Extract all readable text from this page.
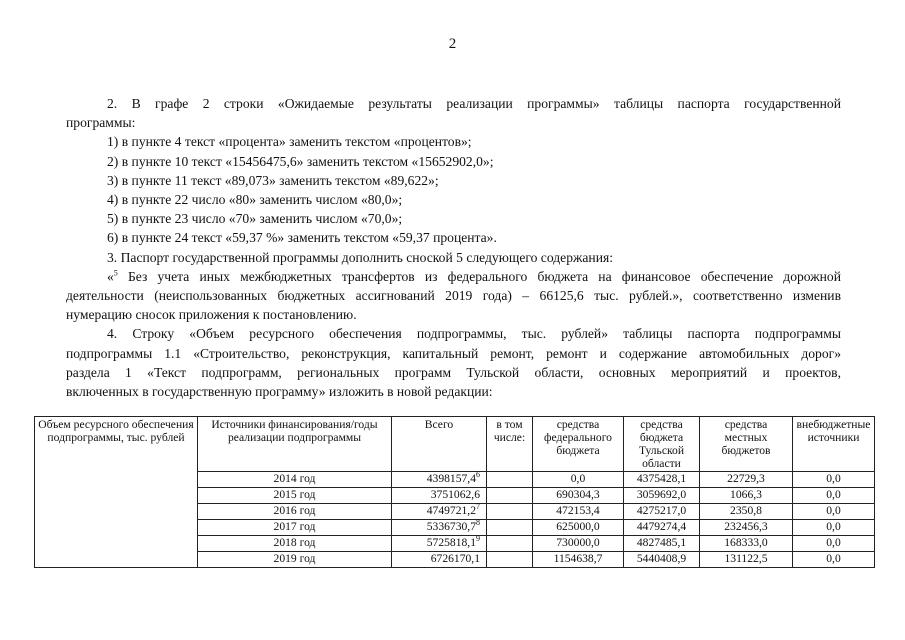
2

2. В графе 2 строки «Ожидаемые результаты реализации программы» таблицы паспорта государственной

программы:

1) в пункте 4 текст «процента» заменить текстом «процентов»;

2) в пункте 10 текст «15456475,6» заменить текстом «15652902,0»;

3) в пункте 11 текст «89,073» заменить текстом «89,622»;

4) в пункте 22 число «80» заменить числом «80,0»;

5) в пункте 23 число «70» заменить числом «70,0»;

6) в пункте 24 текст «59,37 %» заменить текстом «59,37 процента».

3. Паспорт государственной программы дополнить сноской 5 следующего содержания:

«$^5$ Без учета иных межбюджетных трансфертов из федерального бюджета на финансовое обеспечение дорожной

деятельности (неиспользованных бюджетных ассигнований 2019 года) – 66125,6 тыс. рублей.», соответственно изменив

нумерацию сносок приложения к постановлению.

4. Строку «Объем ресурсного обеспечения подпрограммы, тыс. рублей» таблицы паспорта подпрограммы

подпрограммы 1.1 «Строительство, реконструкция, капитальный ремонт, ремонт и содержание автомобильных дорог»

раздела 1 «Текст подпрограмм, региональных программ Тульской области, основных мероприятий и проектов,

включенных в государственную программу» изложить в новой редакции:

Объем ресурсного обеспечения подпрограммы, тыс. рублей	Источники финансирования/годы реализации подпрограммы	Всего	в том числе:	средства федерального бюджета	средства бюджета Тульской области	средства местных бюджетов	внебюджетные источники
	2014 год	4398157,4$^6$		0,0	4375428,1	22729,3	0,0
	2015 год	3751062,6		690304,3	3059692,0	1066,3	0,0
	2016 год	4749721,2$^7$		472153,4	4275217,0	2350,8	0,0
	2017 год	5336730,7$^8$		625000,0	4479274,4	232456,3	0,0
	2018 год	5725818,1$^9$		730000,0	4827485,1	168333,0	0,0
	2019 год	6726170,1		1154638,7	5440408,9	131122,5	0,0
